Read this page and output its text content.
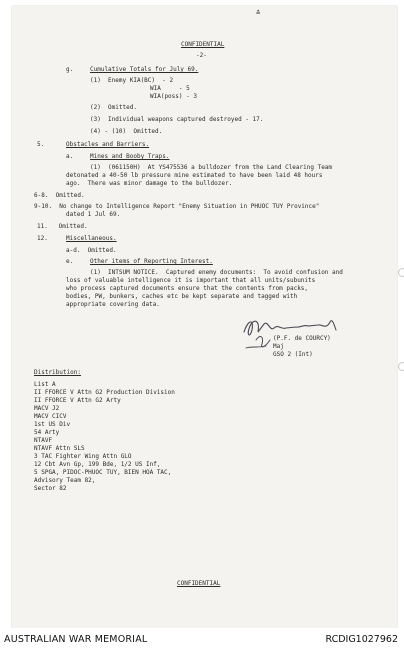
≛
CONFIDENTIAL
-2-
g.	Cumulative Totals for July 69.
(1)  Enemy KIA(BC)  - 2
WIA     - 5
WIA(poss) - 3
(2)  Omitted.
(3)  Individual weapons captured destroyed - 17.
(4) - (10)  Omitted.
5.	Obstacles and Barriers.
a.	Mines and Booby Traps.
(1)  (061150H)  At YS475536 a bulldozer from the Land Clearing Team
detonated a 40-50 lb pressure mine estimated to have been laid 48 hours
ago.  There was minor damage to the bulldozer.
6-8.  Omitted.
9-10.  No change to Intelligence Report "Enemy Situation in PHUOC TUY Province"
dated 1 Jul 69.
11.   Omitted.
12.	Miscellaneous.
a-d.  Omitted.
e.	Other items of Reporting Interest.
(1)  INTSUM NOTICE.  Captured enemy documents:  To avoid confusion and
loss of valuable intelligence it is important that all units/subunits
who process captured documents ensure that the contents from packs,
bodies, PW, bunkers, caches etc be kept separate and tagged with
appropriate covering data.
(P.F. de COURCY)
Maj
GSO 2 (Int)
Distribution:
List A
II FFORCE V Attn G2 Production Division
II FFORCE V Attn G2 Arty
MACV J2
MACV CICV
1st US Div
54 Arty
NTAVF
NTAVF Attn SLS
3 TAC Fighter Wing Attn GLO
12 Cbt Avn Gp, 199 Bde, 1/2 US Inf,
5 SPGA, PIDOC-PHUOC TUY, BIEN HOA TAC,
Advisory Team 82,
Sector 82
CONFIDENTIAL
AUSTRALIAN WAR MEMORIAL	RCDIG1027962
